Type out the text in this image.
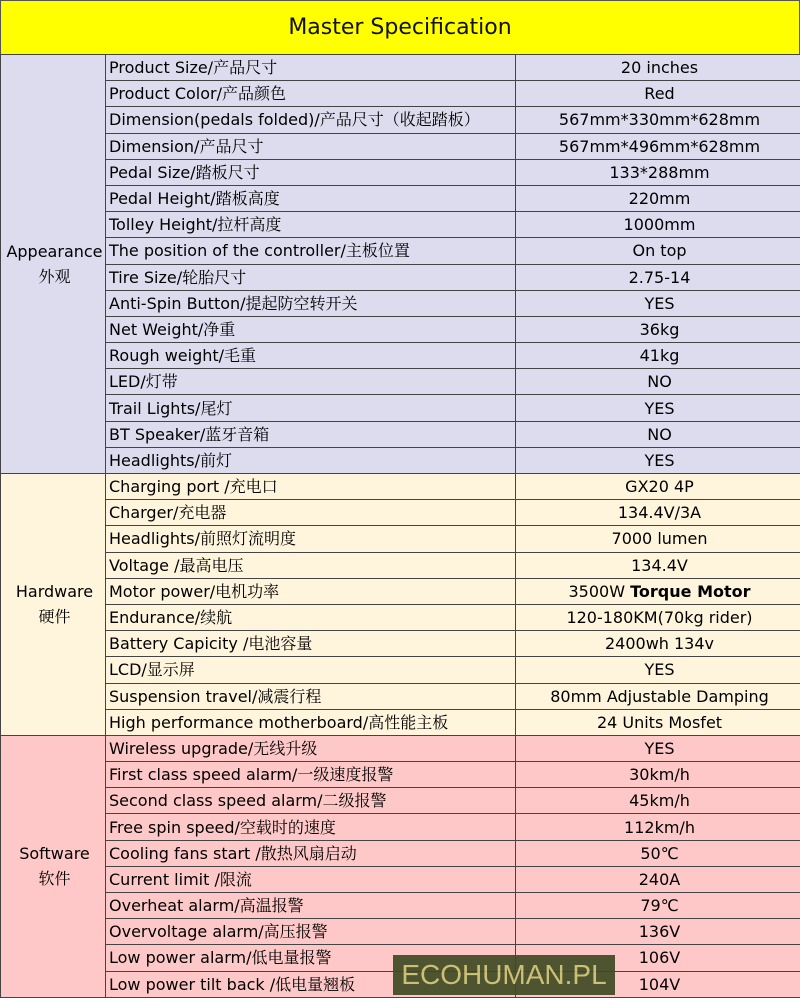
Master Specification
Appearance
外观	Product Size/产品尺寸	20 inches
	Product Color/产品颜色	Red
	Dimension(pedals folded)/产品尺寸（收起踏板）	567mm*330mm*628mm
	Dimension/产品尺寸	567mm*496mm*628mm
	Pedal Size/踏板尺寸	133*288mm
	Pedal Height/踏板高度	220mm
	Tolley Height/拉杆高度	1000mm
	The position of the controller/主板位置	On top
	Tire Size/轮胎尺寸	2.75-14
	Anti-Spin Button/提起防空转开关	YES
	Net Weight/净重	36kg
	Rough weight/毛重	41kg
	LED/灯带	NO
	Trail Lights/尾灯	YES
	BT Speaker/蓝牙音箱	NO
	Headlights/前灯	YES

Hardware
硬件	Charging port /充电口	GX20 4P
	Charger/充电器	134.4V/3A
	Headlights/前照灯流明度	7000 lumen
	Voltage /最高电压	134.4V
	Motor power/电机功率	3500W Torque Motor
	Endurance/续航	120-180KM(70kg rider)
	Battery Capicity /电池容量	2400wh 134v
	LCD/显示屏	YES
	Suspension travel/减震行程	80mm Adjustable Damping
	High performance motherboard/高性能主板	24 Units Mosfet

Software
软件	Wireless upgrade/无线升级	YES
	First class speed alarm/一级速度报警	30km/h
	Second class speed alarm/二级报警	45km/h
	Free spin speed/空载时的速度	112km/h
	Cooling fans start /散热风扇启动	50℃
	Current limit /限流	240A
	Overheat alarm/高温报警	79℃
	Overvoltage alarm/高压报警	136V
	Low power alarm/低电量报警	106V
	Low power tilt back /低电量翘板	104V
ECOHUMAN.PL
